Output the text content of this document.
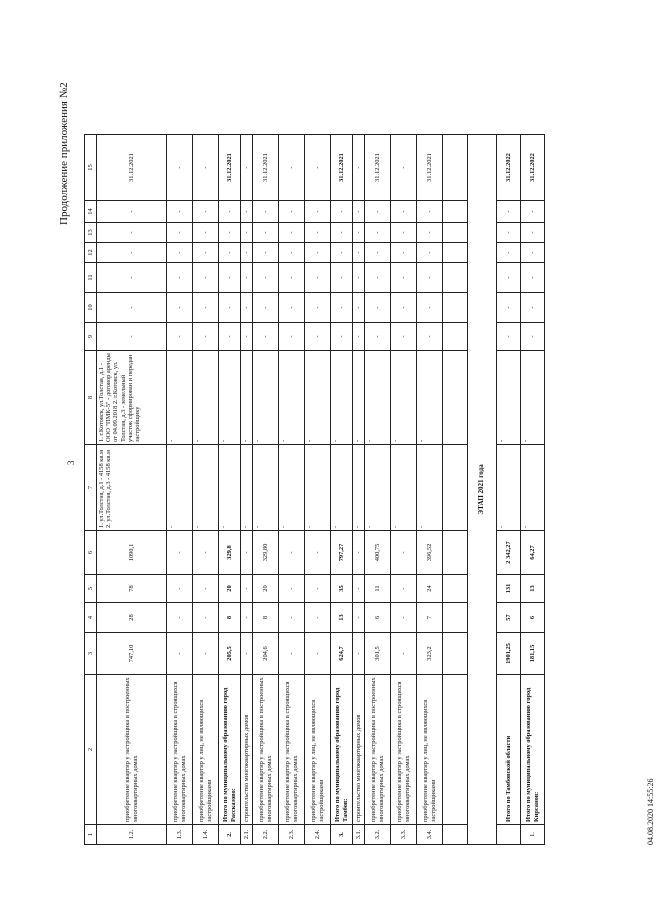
3
Продолжение приложения №2
1	2	3	4	5	6	7	8	9	10	11	12	13	14	15
1.2.	приобретение квартир у застройщика в построенных многоквартирных домах	747,10	28	78	1090,1	1. ул.Толстая, д.1 - 4158 кв.м 2. ул.Толстая, д.3 - 4158 кв.м	1. г.Котовск, ул.Толстая, д.1 - ООО "ПМК-5" - договор аренды от 04.09.2018 2. г.Котовск, ул. Толстая, д.3 - земельный участок сформирован и передан застройщику	-	-	-	-	-	-	31.12.2021
1.3.	приобретение квартир у застройщика в строящихся многоквартирных домах	-	-	-	-	-	-	-	-	-	-	-	-	-
1.4.	приобретение квартир у лиц, не являющихся застройщиками	-	-	-	-	-	-	-	-	-	-	-	-	-
2.	Итого по муниципальному образованию город Рассказово:	205,5	8	20	329,8	-	-	-	-	-	-	-	-	31.12.2021
2.1.	строительство многоквартирных домов	-	-	-	-	-	-	-	-	-	-	-	-	-
2.2.	приобретение квартир у застройщика в построенных многоквартирных домах	204,6	8	20	329,80	-	-	-	-	-	-	-	-	31.12.2021
2.3.	приобретение квартир у застройщика в строящихся многоквартирных домах	-	-	-	-	-	-	-	-	-	-	-	-	-
2.4.	приобретение квартир у лиц, не являющихся застройщиками	-	-	-	-	-	-	-	-	-	-	-	-	-
3.	Итого по муниципальному образованию город Тамбов:	624,7	13	35	797,27	-	-	-	-	-	-	-	-	31.12.2021
3.1.	строительство многоквартирных домов	-	-	-	-	-	-	-	-	-	-	-	-	-
3.2.	приобретение квартир у застройщика в построенных многоквартирных домах	301,5	6	11	400,75	-	-	-	-	-	-	-	-	31.12.2021
3.3.	приобретение квартир у застройщика в строящихся многоквартирных домах	-	-	-	-	-	-	-	-	-	-	-	-	-
3.4.	приобретение квартир у лиц, не являющихся застройщиками	323,2	7	24	396,52	-	-	-	-	-	-	-	-	31.12.2021

ЭТАП 2021 года														
	Итого по Тамбовской области	1901,25	57	131	2 342,27	-	-	-	-	-	-	-	-	31.12.2022
1.	Итого по муниципальному образованию город Кирсанов:	181,15	6	13	64,27	-	-	-	-	-	-	-	-	31.12.2022
04.08.2020 14:55:26
